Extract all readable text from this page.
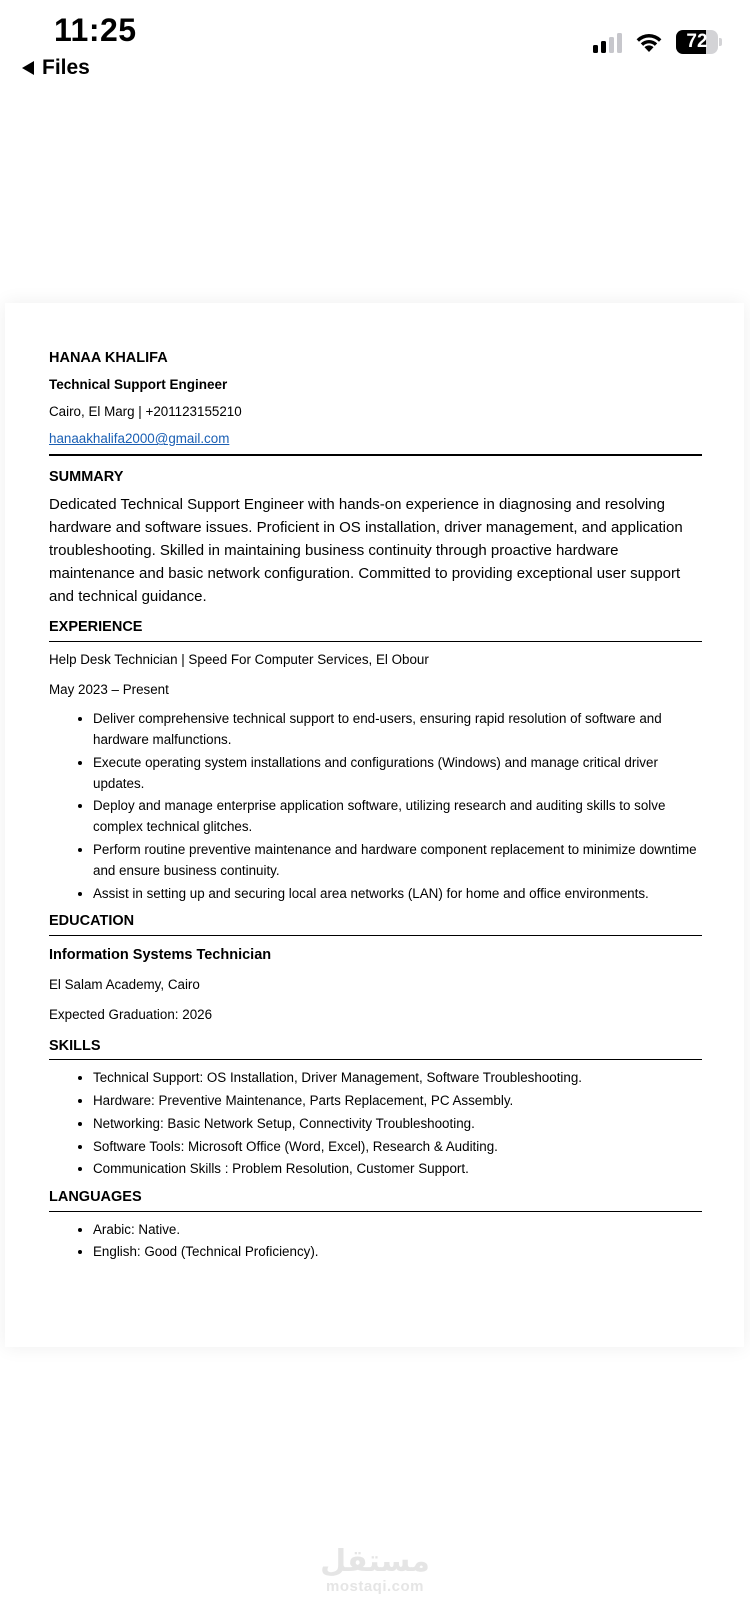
11:25	72
Files

HANAA KHALIFA

Technical Support Engineer

Cairo, El Marg | +201123155210

hanaakhalifa2000@gmail.com

SUMMARY

Dedicated Technical Support Engineer with hands-on experience in diagnosing and resolving hardware and software issues. Proficient in OS installation, driver management, and application troubleshooting. Skilled in maintaining business continuity through proactive hardware maintenance and basic network configuration. Committed to providing exceptional user support and technical guidance.

EXPERIENCE

Help Desk Technician | Speed For Computer Services, El Obour

May 2023 – Present

• Deliver comprehensive technical support to end-users, ensuring rapid resolution of software and hardware malfunctions.
• Execute operating system installations and configurations (Windows) and manage critical driver updates.
• Deploy and manage enterprise application software, utilizing research and auditing skills to solve complex technical glitches.
• Perform routine preventive maintenance and hardware component replacement to minimize downtime and ensure business continuity.
• Assist in setting up and securing local area networks (LAN) for home and office environments.

EDUCATION

Information Systems Technician

El Salam Academy, Cairo

Expected Graduation: 2026

SKILLS

• Technical Support: OS Installation, Driver Management, Software Troubleshooting.
• Hardware: Preventive Maintenance, Parts Replacement, PC Assembly.
• Networking: Basic Network Setup, Connectivity Troubleshooting.
• Software Tools: Microsoft Office (Word, Excel), Research & Auditing.
• Communication Skills : Problem Resolution, Customer Support.

LANGUAGES

• Arabic: Native.
• English: Good (Technical Proficiency).
مستقل
mostaqi.com
